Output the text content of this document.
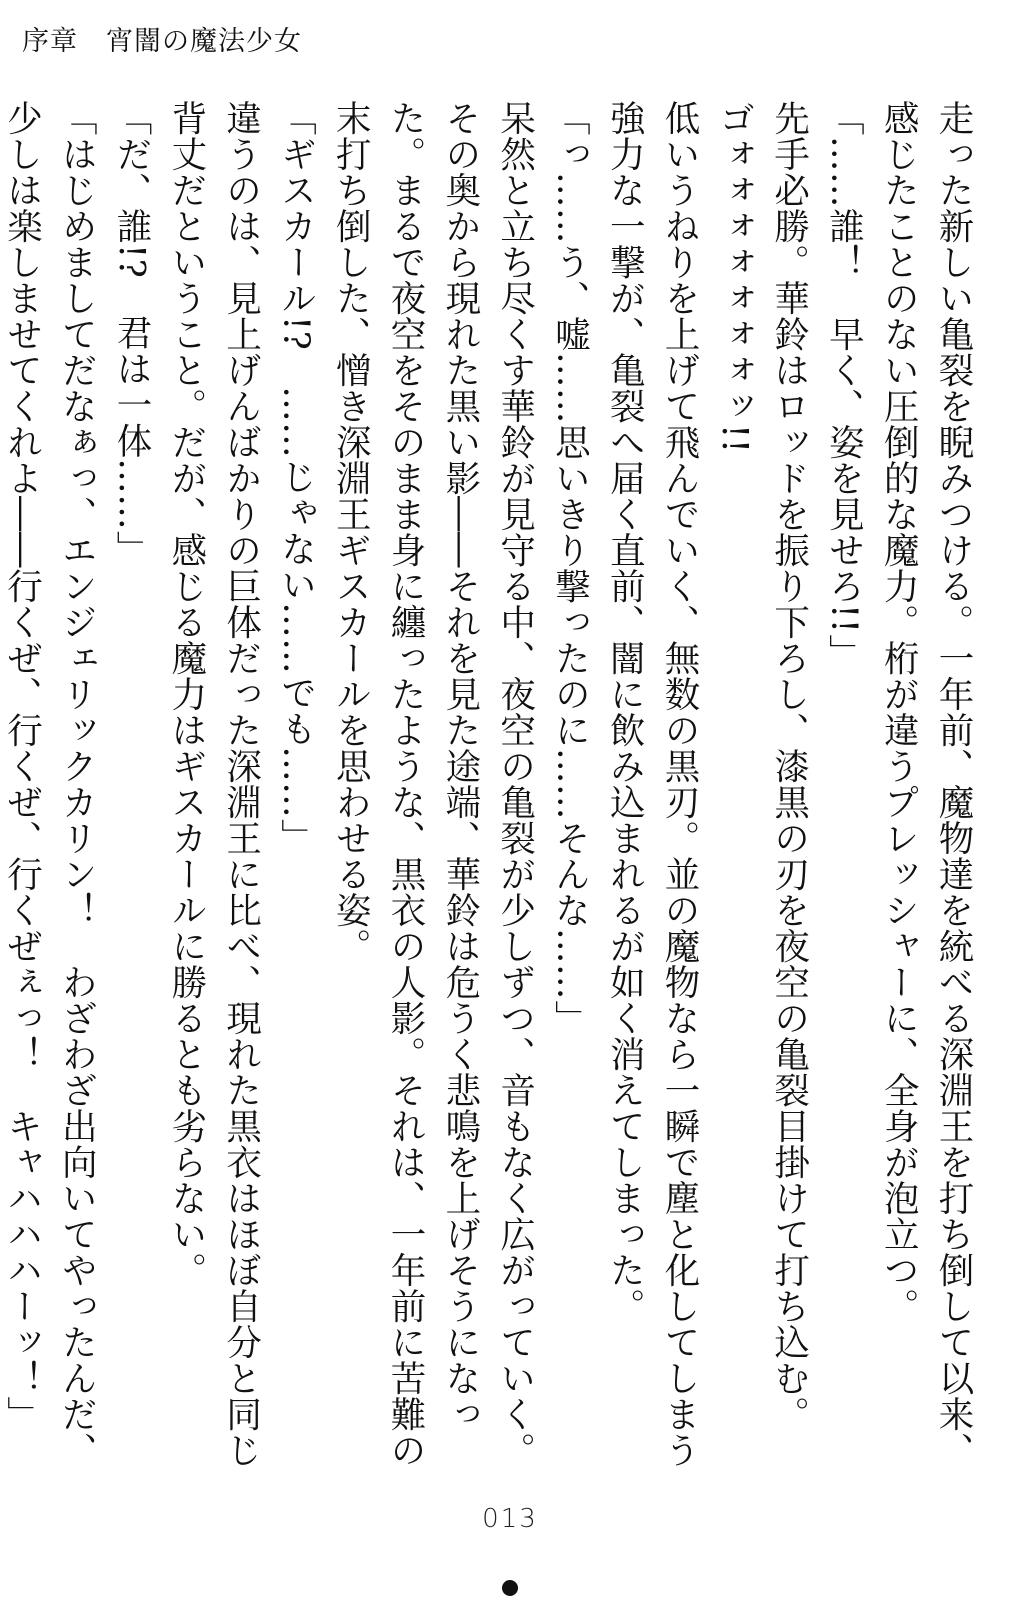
序章　宵闇の魔法少女

走った新しい亀裂を睨みつける。一年前、魔物達を統べる深淵王を打ち倒して以来、感じたことのない圧倒的な魔力。桁が違うプレッシャーに、全身が泡立つ。

「……誰！　早く、姿を見せろ!!」

先手必勝。華鈴はロッドを振り下ろし、漆黒の刃を夜空の亀裂目掛けて打ち込む。

ゴォォォォォォォッ!!

低いうねりを上げて飛んでいく、無数の黒刃。並の魔物なら一瞬で塵と化してしまう強力な一撃が、亀裂へ届く直前、闇に飲み込まれるが如く消えてしまった。

「っ……う、嘘……思いきり撃ったのに……そんな……」

呆然と立ち尽くす華鈴が見守る中、夜空の亀裂が少しずつ、音もなく広がっていく。その奥から現れた黒い影――それを見た途端、華鈴は危うく悲鳴を上げそうになった。まるで夜空をそのまま身に纏ったような、黒衣の人影。それは、一年前に苦難の末打ち倒した、憎き深淵王ギスカールを思わせる姿。

「ギスカール!?　……じゃない……でも……」

違うのは、見上げんばかりの巨体だった深淵王に比べ、現れた黒衣はほぼ自分と同じ背丈だということ。だが、感じる魔力はギスカールに勝るとも劣らない。

「だ、誰!?　君は一体……」

「はじめましてだなぁっ、エンジェリックカリン！　わざわざ出向いてやったんだ、少しは楽しませてくれよ――行くぜ、行くぜ、行くぜぇっ！　キャハハハーッ！」

013
